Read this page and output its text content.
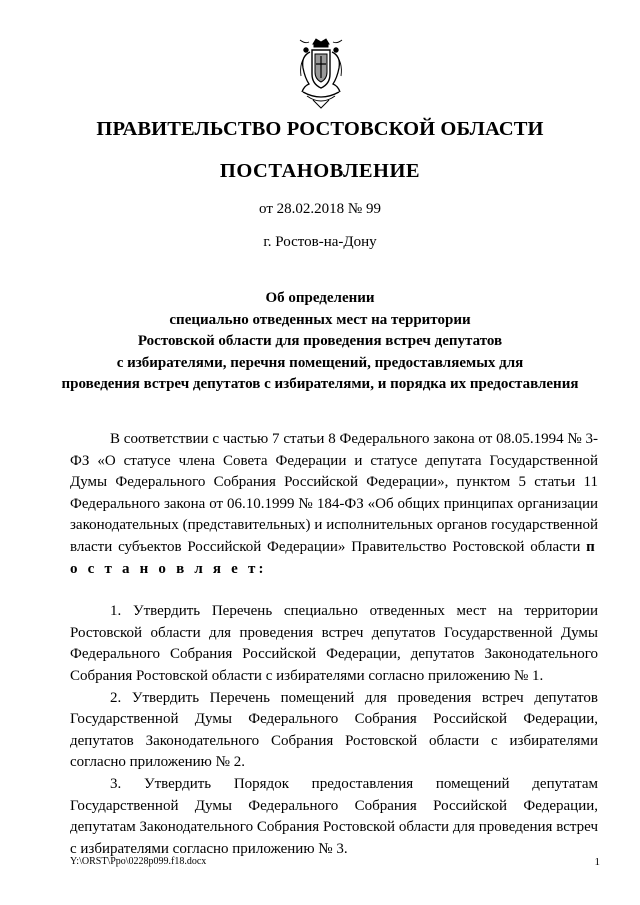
ПРАВИТЕЛЬСТВО РОСТОВСКОЙ ОБЛАСТИ
ПОСТАНОВЛЕНИЕ
от 28.02.2018 № 99
г. Ростов-на-Дону
Об определении
специально отведенных мест на территории
Ростовской области для проведения встреч депутатов
с избирателями, перечня помещений, предоставляемых для
проведения встреч депутатов с избирателями, и порядка их предоставления

В соответствии с частью 7 статьи 8 Федерального закона от 08.05.1994 № 3-ФЗ «О статусе члена Совета Федерации и статусе депутата Государственной Думы Федерального Собрания Российской Федерации», пунктом 5 статьи 11 Федерального закона от 06.10.1999 № 184-ФЗ «Об общих принципах организации законодательных (представительных) и исполнительных органов государственной власти субъектов Российской Федерации» Правительство Ростовской области п о с т а н о в л я е т:

1. Утвердить Перечень специально отведенных мест на территории Ростовской области для проведения встреч депутатов Государственной Думы Федерального Собрания Российской Федерации, депутатов Законодательного Собрания Ростовской области с избирателями согласно приложению № 1.

2. Утвердить Перечень помещений для проведения встреч депутатов Государственной Думы Федерального Собрания Российской Федерации, депутатов Законодательного Собрания Ростовской области с избирателями согласно приложению № 2.

3. Утвердить Порядок предоставления помещений депутатам Государственной Думы Федерального Собрания Российской Федерации, депутатам Законодательного Собрания Ростовской области для проведения встреч с избирателями согласно приложению № 3.

Y:\ORST\Ppo\0228p099.f18.docx	1
